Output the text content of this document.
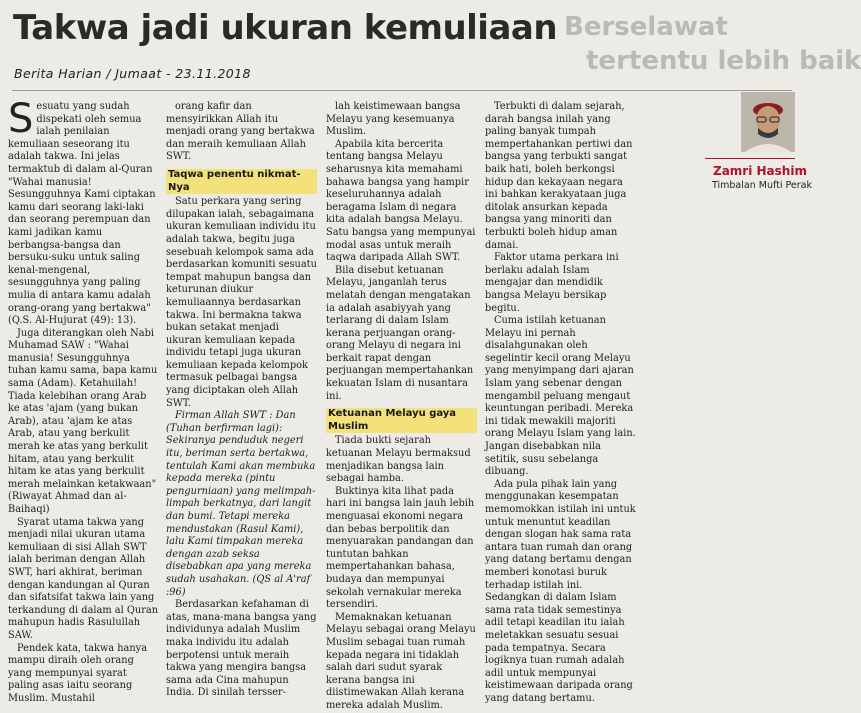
Takwa jadi ukuran kemuliaan Berselawat
tertentu lebih baik
Berita Harian / Jumaat - 23.11.2018
Zamri Hashim
Timbalan Mufti Perak

Sesuatu yang sudah dispekati oleh semua ialah penilaian kemuliaan seseorang itu adalah takwa. Ini jelas termaktub di dalam al-Quran "Wahai manusia! Sesungguhnya Kami ciptakan kamu dari seorang laki-laki dan seorang perempuan dan kami jadikan kamu berbangsa-bangsa dan bersuku-suku untuk saling kenal-mengenal, sesungguhnya yang paling mulia di antara kamu adalah orang-orang yang bertakwa" (Q.S. Al-Hujurat (49): 13).

Juga diterangkan oleh Nabi Muhamad SAW : "Wahai manusia! Sesungguhnya tuhan kamu sama, bapa kamu sama (Adam). Ketahuilah! Tiada kelebihan orang Arab ke atas 'ajam (yang bukan Arab), atau 'ajam ke atas Arab, atau yang berkulit merah ke atas yang berkulit hitam, atau yang berkulit hitam ke atas yang berkulit merah melainkan ketakwaan" (Riwayat Ahmad dan al-Baihaqi)

Syarat utama takwa yang menjadi nilai ukuran utama kemuliaan di sisi Allah SWT ialah beriman dengan Allah SWT, hari akhirat, beriman dengan kandungan al Quran dan sifatsifat takwa lain yang terkandung di dalam al Quran mahupun hadis Rasulullah SAW.

Pendek kata, takwa hanya mampu diraih oleh orang yang mempunyai syarat paling asas iaitu seorang Muslim. Mustahil

orang kafir dan mensyirikkan Allah itu menjadi orang yang bertakwa dan meraih kemuliaan Allah SWT.

Taqwa penentu nikmat-Nya

Satu perkara yang sering dilupakan ialah, sebagaimana ukuran kemuliaan individu itu adalah takwa, begitu juga sesebuah kelompok sama ada berdasarkan komuniti sesuatu tempat mahupun bangsa dan keturunan diukur kemuliaannya berdasarkan takwa. Ini bermakna takwa bukan setakat menjadi ukuran kemuliaan kepada individu tetapi juga ukuran kemuliaan kepada kelompok termasuk pelbagai bangsa yang diciptakan oleh Allah SWT.

Firman Allah SWT : Dan (Tuhan berfirman lagi): Sekiranya penduduk negeri itu, beriman serta bertakwa, tentulah Kami akan membuka kepada mereka (pintu pengurniaan) yang melimpah-limpah berkatnya, dari langit dan bumi. Tetapi mereka mendustakan (Rasul Kami), lalu Kami timpakan mereka dengan azab seksa disebabkan apa yang mereka sudah usahakan. (QS al A'raf :96)

Berdasarkan kefahaman di atas, mana-mana bangsa yang individunya adalah Muslim maka individu itu adalah berpotensi untuk meraih takwa yang mengira bangsa sama ada Cina mahupun India. Di sinilah tersser-

lah keistimewaan bangsa Melayu yang kesemuanya Muslim.

Apabila kita bercerita tentang bangsa Melayu seharusnya kita memahami bahawa bangsa yang hampir keseluruhannya adalah beragama Islam di negara kita adalah bangsa Melayu. Satu bangsa yang mempunyai modal asas untuk meraih taqwa daripada Allah SWT.

Bila disebut ketuanan Melayu, janganlah terus melatah dengan mengatakan ia adalah asabiyyah yang terlarang di dalam Islam kerana perjuangan orang-orang Melayu di negara ini berkait rapat dengan perjuangan mempertahankan kekuatan Islam di nusantara ini.

Ketuanan Melayu gaya Muslim

Tiada bukti sejarah ketuanan Melayu bermaksud menjadikan bangsa lain sebagai hamba.

Buktinya kita lihat pada hari ini bangsa lain jauh lebih menguasai ekonomi negara dan bebas berpolitik dan menyuarakan pandangan dan tuntutan bahkan mempertahankan bahasa, budaya dan mempunyai sekolah vernakular mereka tersendiri.

Memaknakan ketuanan Melayu sebagai orang Melayu Muslim sebagai tuan rumah kepada negara ini tidaklah salah dari sudut syarak kerana bangsa ini diistimewakan Allah kerana mereka adalah Muslim.

Terbukti di dalam sejarah, darah bangsa inilah yang paling banyak tumpah mempertahankan pertiwi dan bangsa yang terbukti sangat baik hati, boleh berkongsi hidup dan kekayaan negara ini bahkan kerakyataan juga ditolak ansurkan kepada bangsa yang minoriti dan terbukti boleh hidup aman damai.

Faktor utama perkara ini berlaku adalah Islam mengajar dan mendidik bangsa Melayu bersikap begitu.

Cuma istilah ketuanan Melayu ini pernah disalahgunakan oleh segelintir kecil orang Melayu yang menyimpang dari ajaran Islam yang sebenar dengan mengambil peluang mengaut keuntungan peribadi. Mereka ini tidak mewakili majoriti orang Melayu Islam yang lain. Jangan disebabkan nila setitik, susu sebelanga dibuang.

Ada pula pihak lain yang menggunakan kesempatan memomokkan istilah ini untuk untuk menuntut keadilan dengan slogan hak sama rata antara tuan rumah dan orang yang datang bertamu dengan memberi konotasi buruk terhadap istilah ini. Sedangkan di dalam Islam sama rata tidak semestinya adil tetapi keadilan itu ialah meletakkan sesuatu sesuai pada tempatnya. Secara logiknya tuan rumah adalah adil untuk mempunyai keistimewaan daripada orang yang datang bertamu.
